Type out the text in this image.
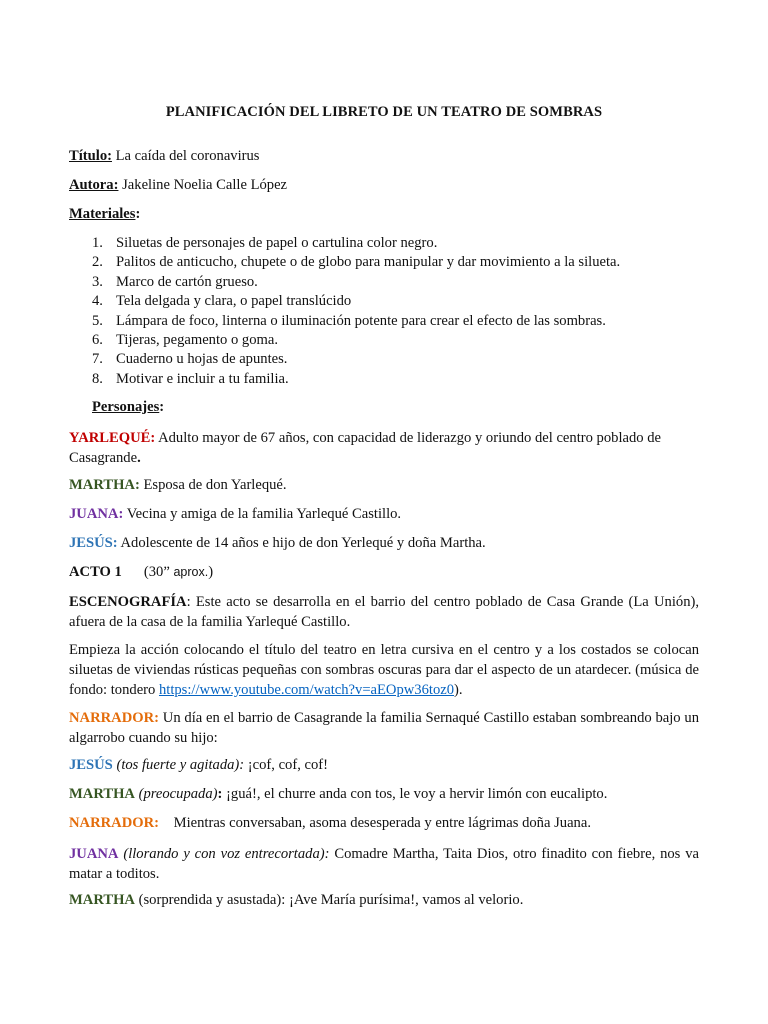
PLANIFICACIÓN DEL LIBRETO DE UN TEATRO DE SOMBRAS
Título: La caída del coronavirus
Autora: Jakeline Noelia Calle López
Materiales:
1. Siluetas de personajes de papel o cartulina color negro.
2. Palitos de anticucho, chupete o de globo para manipular y dar movimiento a la silueta.
3. Marco de cartón grueso.
4. Tela delgada y clara, o papel translúcido
5. Lámpara de foco, linterna o iluminación potente para crear el efecto de las sombras.
6. Tijeras, pegamento o goma.
7. Cuaderno u hojas de apuntes.
8. Motivar e incluir a tu familia.
Personajes:
YARLEQUÉ: Adulto mayor de 67 años, con capacidad de liderazgo y oriundo del centro poblado de Casagrande.
MARTHA: Esposa de don Yarlequé.
JUANA: Vecina y amiga de la familia Yarlequé Castillo.
JESÚS: Adolescente de 14 años e hijo de don Yerlequé y doña Martha.
ACTO 1 (30” aprox.)
ESCENOGRAFÍA: Este acto se desarrolla en el barrio del centro poblado de Casa Grande (La Unión), afuera de la casa de la familia Yarlequé Castillo.
Empieza la acción colocando el título del teatro en letra cursiva en el centro y a los costados se colocan siluetas de viviendas rústicas pequeñas con sombras oscuras para dar el aspecto de un atardecer. (música de fondo: tondero https://www.youtube.com/watch?v=aEOpw36toz0).
NARRADOR: Un día en el barrio de Casagrande la familia Sernaqué Castillo estaban sombreando bajo un algarrobo cuando su hijo:
JESÚS (tos fuerte y agitada): ¡cof, cof, cof!
MARTHA (preocupada): ¡guá!, el churre anda con tos, le voy a hervir limón con eucalipto.
NARRADOR:    Mientras conversaban, asoma desesperada y entre lágrimas doña Juana.
JUANA (llorando y con voz entrecortada): Comadre Martha, Taita Dios, otro finadito con fiebre, nos va matar a toditos.
MARTHA (sorprendida y asustada): ¡Ave María purísima!, vamos al velorio.
